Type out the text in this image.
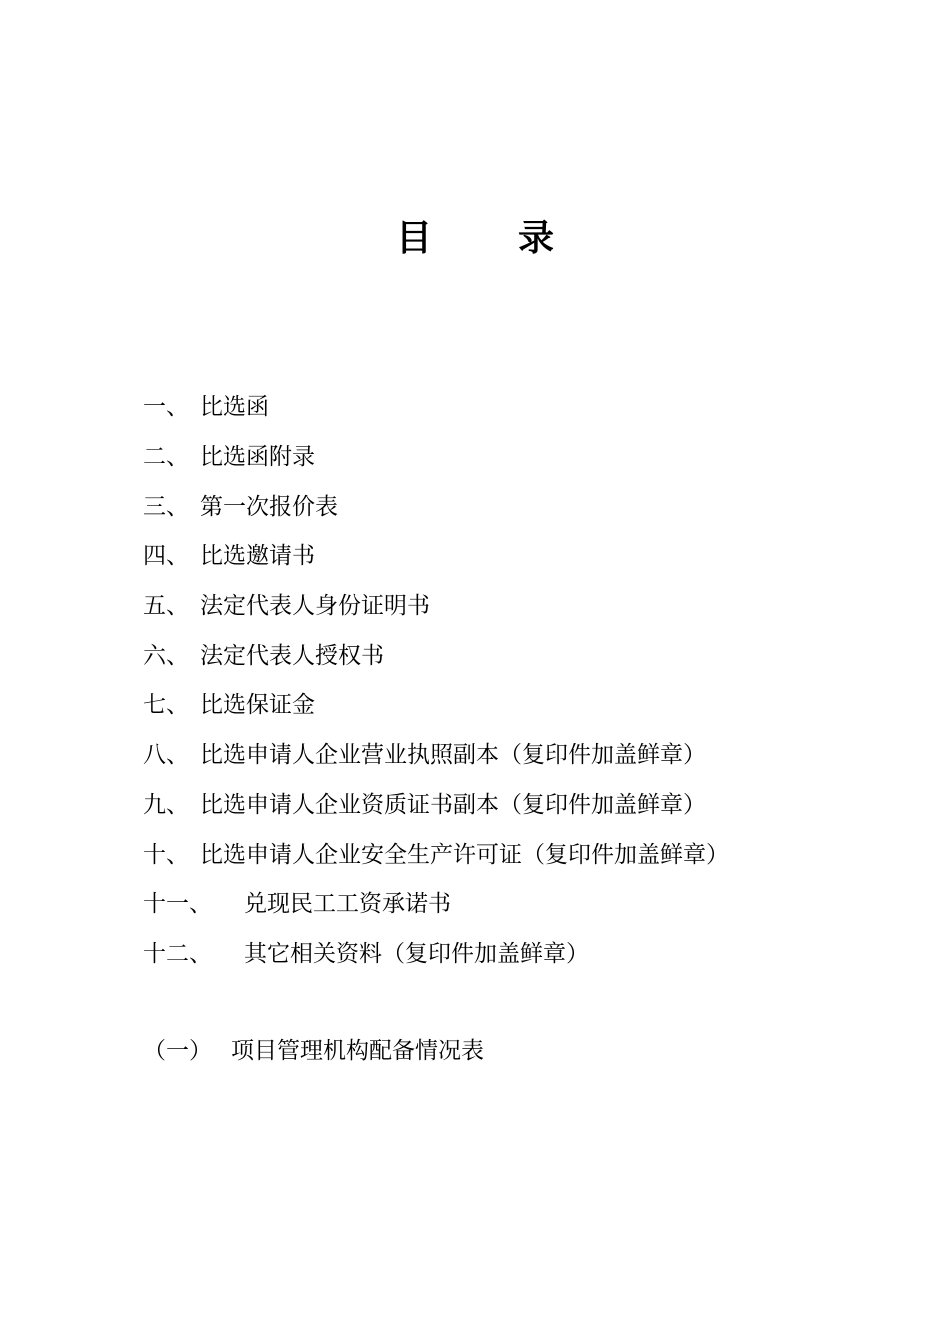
目 录
一、 比选函
二、 比选函附录
三、 第一次报价表
四、 比选邀请书
五、 法定代表人身份证明书
六、 法定代表人授权书
七、 比选保证金
八、 比选申请人企业营业执照副本（复印件加盖鲜章）
九、 比选申请人企业资质证书副本（复印件加盖鲜章）
十、 比选申请人企业安全生产许可证（复印件加盖鲜章）
十一、	兑现民工工资承诺书
十二、	其它相关资料（复印件加盖鲜章）
（一） 项目管理机构配备情况表
